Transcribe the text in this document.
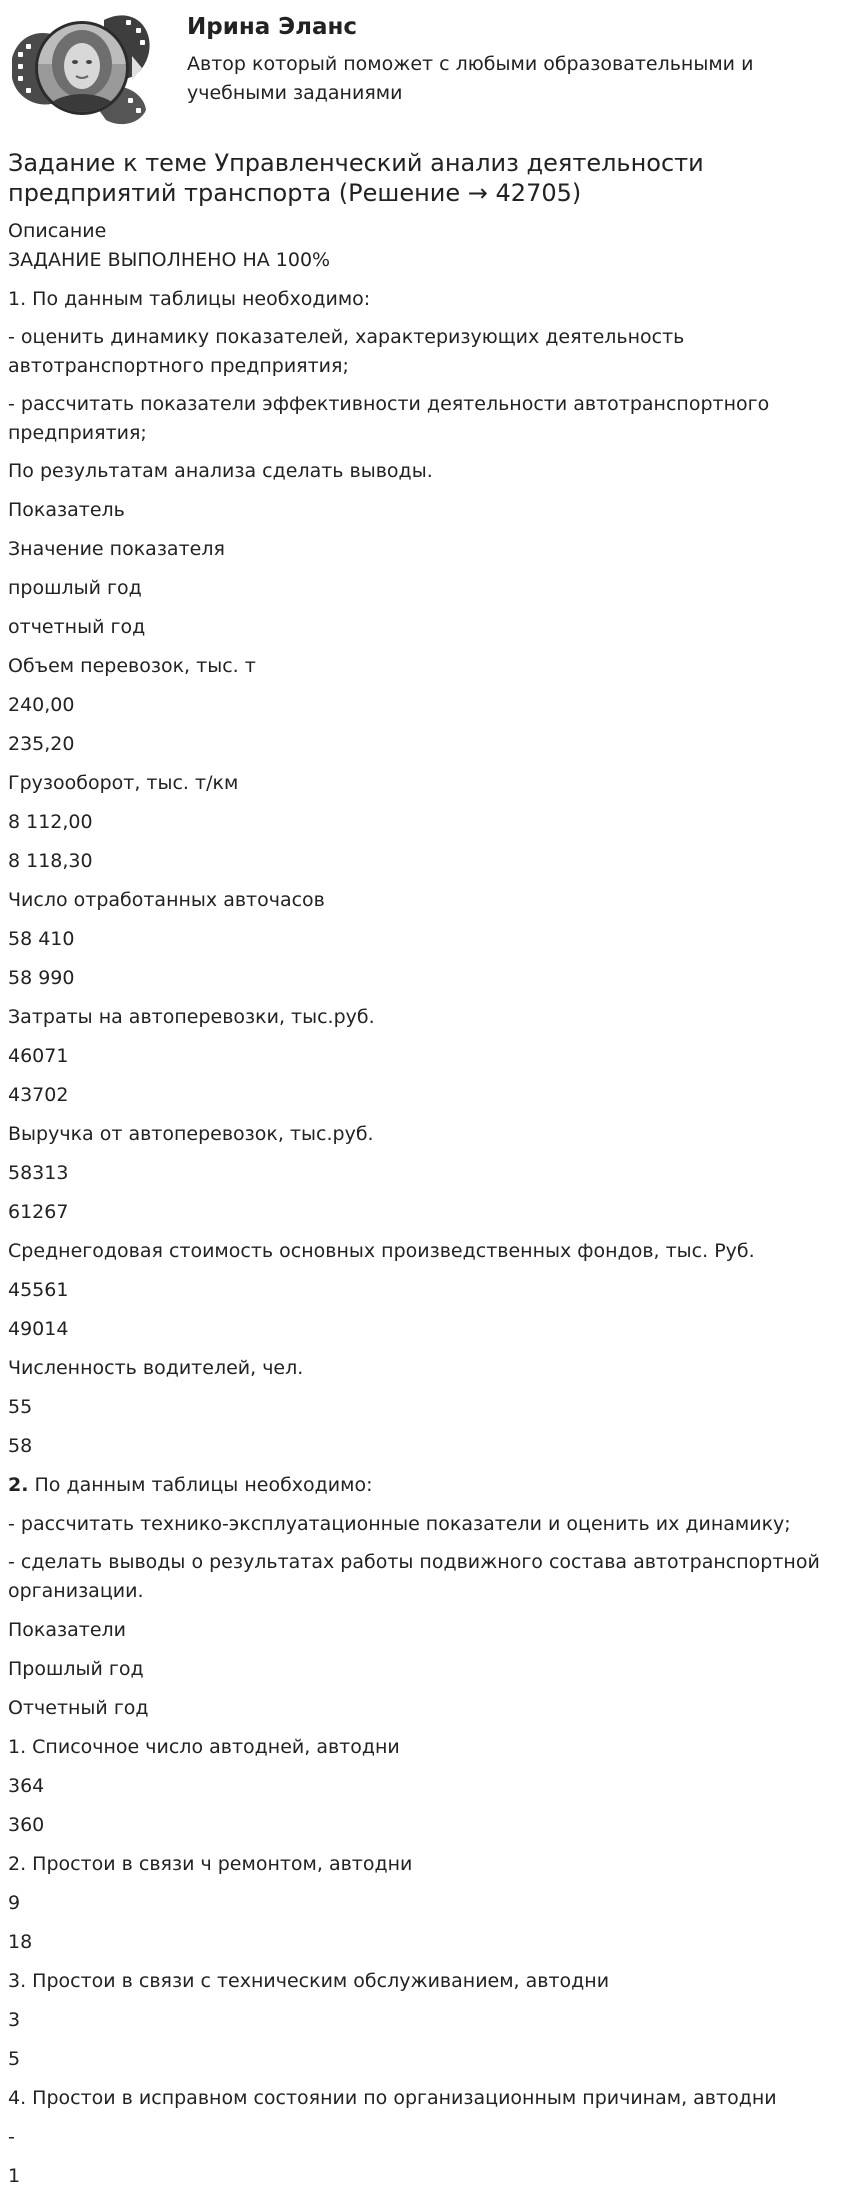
Ирина Эланс
Автор который поможет с любыми образовательными и учебными заданиями
Задание к теме Управленческий анализ деятельности предприятий транспорта (Решение → 42705)
Описание
ЗАДАНИЕ ВЫПОЛНЕНО НА 100%
1. По данным таблицы необходимо:
- оценить динамику показателей, характеризующих деятельность автотранспортного предприятия;
- рассчитать показатели эффективности деятельности автотранспортного предприятия;
По результатам анализа сделать выводы.
Показатель
Значение показателя
прошлый год
отчетный год
Объем перевозок, тыс. т
240,00
235,20
Грузооборот, тыс. т/км
8 112,00
8 118,30
Число отработанных авточасов
58 410
58 990
Затраты на автоперевозки, тыс.руб.
46071
43702
Выручка от автоперевозок, тыс.руб.
58313
61267
Среднегодовая стоимость основных произведственных фондов, тыс. Руб.
45561
49014
Численность водителей, чел.
55
58
2. По данным таблицы необходимо:
- рассчитать технико-эксплуатационные показатели и оценить их динамику;
- сделать выводы о результатах работы подвижного состава автотранспортной организации.
Показатели
Прошлый год
Отчетный год
1. Списочное число автодней, автодни
364
360
2. Простои в связи ч ремонтом, автодни
9
18
3. Простои в связи с техническим обслуживанием, автодни
3
5
4. Простои в исправном состоянии по организационным причинам, автодни
-
1
